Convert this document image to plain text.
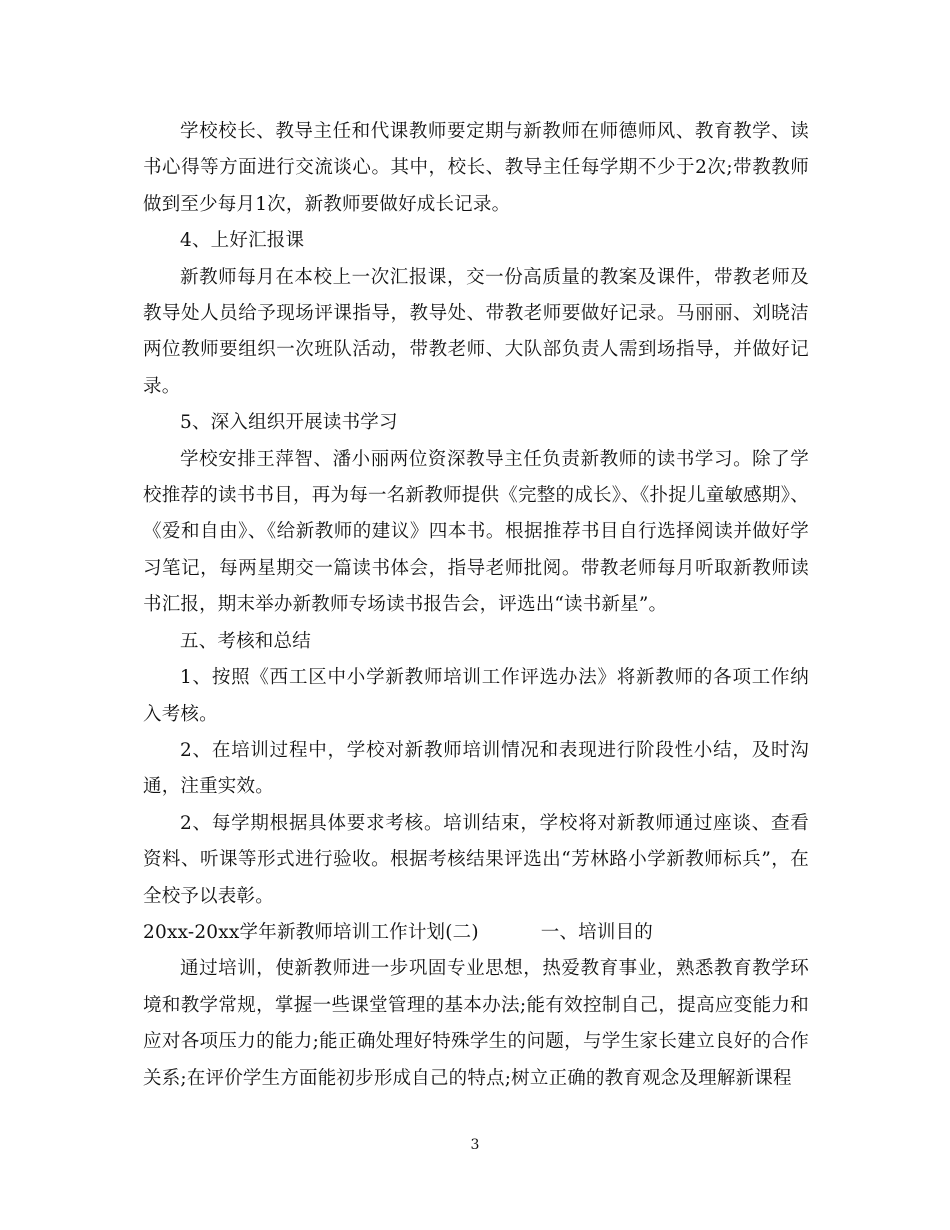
学校校长、教导主任和代课教师要定期与新教师在师德师风、教育教学、读书心得等方面进行交流谈心。其中，校长、教导主任每学期不少于2次;带教教师做到至少每月1次，新教师要做好成长记录。

4、上好汇报课

新教师每月在本校上一次汇报课，交一份高质量的教案及课件，带教老师及教导处人员给予现场评课指导，教导处、带教老师要做好记录。马丽丽、刘晓洁两位教师要组织一次班队活动，带教老师、大队部负责人需到场指导，并做好记录。

5、深入组织开展读书学习

学校安排王萍智、潘小丽两位资深教导主任负责新教师的读书学习。除了学校推荐的读书书目，再为每一名新教师提供《完整的成长》、《扑捉儿童敏感期》、《爱和自由》、《给新教师的建议》四本书。根据推荐书目自行选择阅读并做好学习笔记，每两星期交一篇读书体会，指导老师批阅。带教老师每月听取新教师读书汇报，期末举办新教师专场读书报告会，评选出“读书新星”。

五、考核和总结

1、按照《西工区中小学新教师培训工作评选办法》将新教师的各项工作纳入考核。

2、在培训过程中，学校对新教师培训情况和表现进行阶段性小结，及时沟通，注重实效。

2、每学期根据具体要求考核。培训结束，学校将对新教师通过座谈、查看资料、听课等形式进行验收。根据考核结果评选出“芳林路小学新教师标兵”，在全校予以表彰。

20xx-20xx学年新教师培训工作计划(二)	一、培训目的

通过培训，使新教师进一步巩固专业思想，热爱教育事业，熟悉教育教学环境和教学常规，掌握一些课堂管理的基本办法;能有效控制自己，提高应变能力和应对各项压力的能力;能正确处理好特殊学生的问题，与学生家长建立良好的合作关系;在评价学生方面能初步形成自己的特点;树立正确的教育观念及理解新课程

3
